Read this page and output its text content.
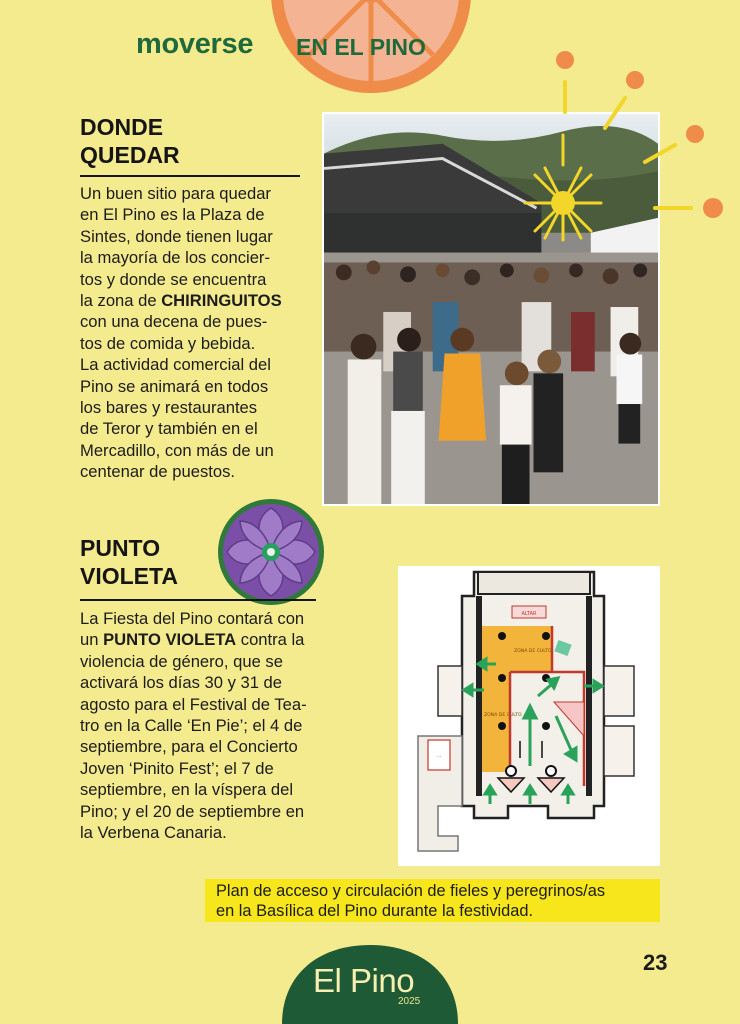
moverse EN EL PINO
DONDE
QUEDAR
Un buen sitio para quedar
en El Pino es la Plaza de
Sintes, donde tienen lugar
la mayoría de los concier-
tos y donde se encuentra
la zona de CHIRINGUITOS
con una decena de pues-
tos de comida y bebida.
La actividad comercial del
Pino se animará en todos
los bares y restaurantes
de Teror y también en el
Mercadillo, con más de un
centenar de puestos.
PUNTO
VIOLETA
La Fiesta del Pino contará con
un PUNTO VIOLETA contra la
violencia de género, que se
activará los días 30 y 31 de
agosto para el Festival de Tea-
tro en la Calle ‘En Pie’; el 4 de
septiembre, para el Concierto
Joven ‘Pinito Fest’; el 7 de
septiembre, en la víspera del
Pino; y el 20 de septiembre en
la Verbena Canaria.
···
ALTAR
ZONA DE CULTO
ZONA DE CULTO
Plan de acceso y circulación de fieles y peregrinos/as
en la Basílica del Pino durante la festividad.
23
El Pino
2025
